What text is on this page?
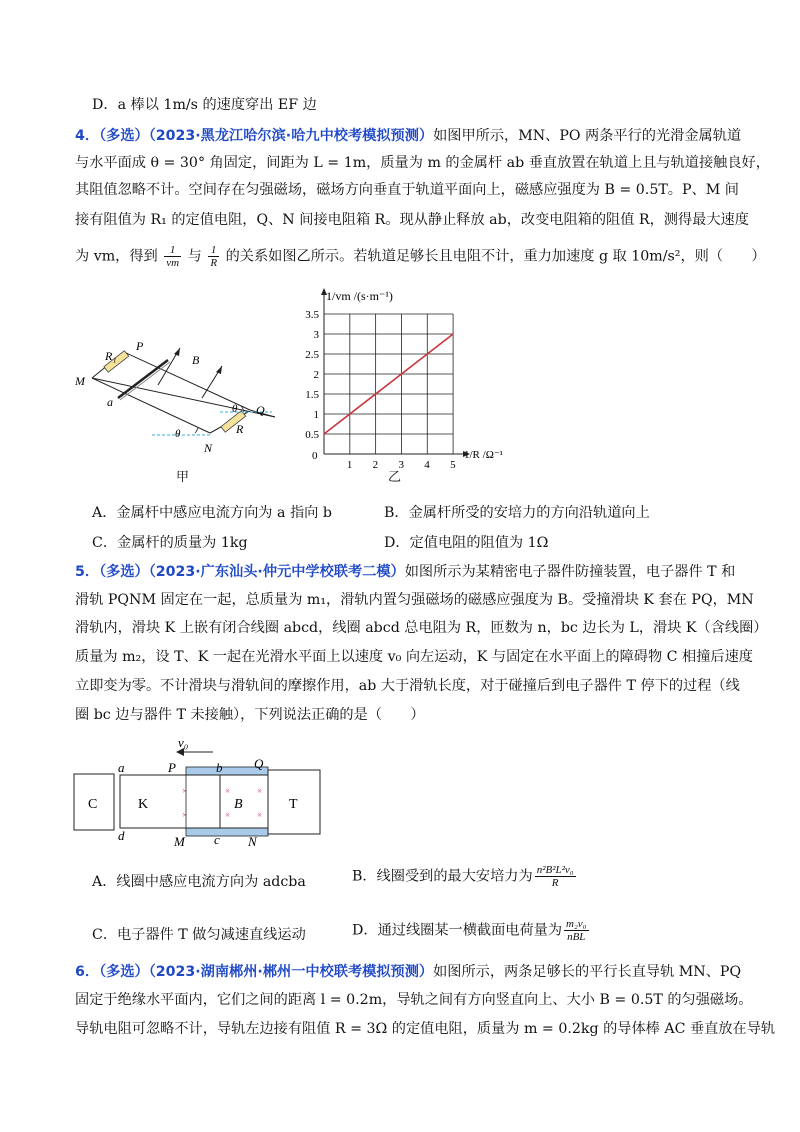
D．a 棒以 1m/s 的速度穿出 EF 边
4．（多选）（2023·黑龙江哈尔滨·哈九中校考模拟预测）如图甲所示，MN、PO 两条平行的光滑金属轨道
与水平面成 θ = 30° 角固定，间距为 L = 1m，质量为 m 的金属杆 ab 垂直放置在轨道上且与轨道接触良好，
其阻值忽略不计。空间存在匀强磁场，磁场方向垂直于轨道平面向上，磁感应强度为 B = 0.5T。P、M 间
接有阻值为 R₁ 的定值电阻，Q、N 间接电阻箱 R。现从静止释放 ab，改变电阻箱的阻值 R，测得最大速度
为 vm，得到 $\frac{1}{vm}$ 与 $\frac{1}{R}$ 的关系如图乙所示。若轨道足够长且电阻不计，重力加速度 g 取 10m/s²，则（　　）
R₁
P
M
a
B
θ Q
R
θ
N
甲
1 2 3 4 5
0.5
1
1.5
2
2.5
3
3.5
1/vm /(s·m⁻¹)
1/R /Ω⁻¹
0
乙
A．金属杆中感应电流方向为 a 指向 b	B．金属杆所受的安培力的方向沿轨道向上
C．金属杆的质量为 1kg	D．定值电阻的阻值为 1Ω
5．（多选）（2023·广东汕头·仲元中学校联考二模）如图所示为某精密电子器件防撞装置，电子器件 T 和
滑轨 PQNM 固定在一起，总质量为 m₁，滑轨内置匀强磁场的磁感应强度为 B。受撞滑块 K 套在 PQ，MN
滑轨内，滑块 K 上嵌有闭合线圈 abcd，线圈 abcd 总电阻为 R，匝数为 n，bc 边长为 L，滑块 K（含线圈）
质量为 m₂，设 T、K 一起在光滑水平面上以速度 v₀ 向左运动，K 与固定在水平面上的障碍物 C 相撞后速度
立即变为零。不计滑块与滑轨间的摩擦作用，ab 大于滑轨长度，对于碰撞后到电子器件 T 停下的过程（线
圈 bc 边与器件 T 未接触），下列说法正确的是（　　）
×
×
×
×
×
×
v₀
a	P	b Q
C	K	B	T
d	M c N
A．线圈中感应电流方向为 adcba	B．线圈受到的最大安培力为 $\frac{\text{n²B²L²v₀}}{R}$
C．电子器件 T 做匀减速直线运动	D．通过线圈某一横截面电荷量为 $\frac{\text{m₂v₀}}{\text{nBL}}$
6．（多选）（2023·湖南郴州·郴州一中校联考模拟预测）如图所示，两条足够长的平行长直导轨 MN、PQ
固定于绝缘水平面内，它们之间的距离 l = 0.2m，导轨之间有方向竖直向上、大小 B = 0.5T 的匀强磁场。
导轨电阻可忽略不计，导轨左边接有阻值 R = 3Ω 的定值电阻，质量为 m = 0.2kg 的导体棒 AC 垂直放在导轨
